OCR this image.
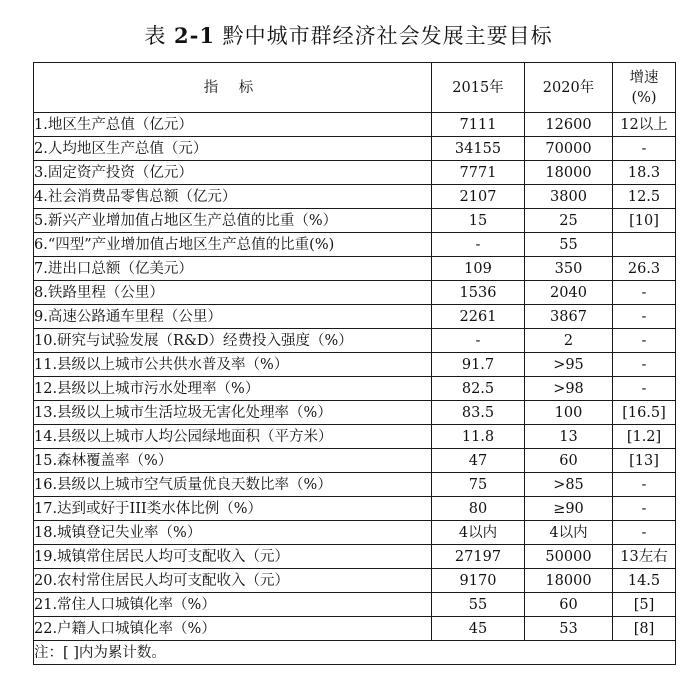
表 2-1 黔中城市群经济社会发展主要目标
指 标	2015年	2020年	增速
(%)

1.地区生产总值（亿元）	7111	12600	12以上
2.人均地区生产总值（元）	34155	70000	-
3.固定资产投资（亿元）	7771	18000	18.3
4.社会消费品零售总额（亿元）	2107	3800	12.5
5.新兴产业增加值占地区生产总值的比重（%）	15	25	[10]
6.“四型”产业增加值占地区生产总值的比重(%)	-	55	
7.进出口总额（亿美元）	109	350	26.3
8.铁路里程（公里）	1536	2040	-
9.高速公路通车里程（公里）	2261	3867	-
10.研究与试验发展（R&D）经费投入强度（%）	-	2	-
11.县级以上城市公共供水普及率（%）	91.7	>95	-
12.县级以上城市污水处理率（%）	82.5	>98	-
13.县级以上城市生活垃圾无害化处理率（%）	83.5	100	[16.5]
14.县级以上城市人均公园绿地面积（平方米）	11.8	13	[1.2]
15.森林覆盖率（%）	47	60	[13]
16.县级以上城市空气质量优良天数比率（%）	75	>85	-
17.达到或好于III类水体比例（%）	80	≥90	-
18.城镇登记失业率（%）	4以内	4以内	-
19.城镇常住居民人均可支配收入（元）	27197	50000	13左右
20.农村常住居民人均可支配收入（元）	9170	18000	14.5
21.常住人口城镇化率（%）	55	60	[5]
22.户籍人口城镇化率（%）	45	53	[8]
注：[ ]内为累计数。			
